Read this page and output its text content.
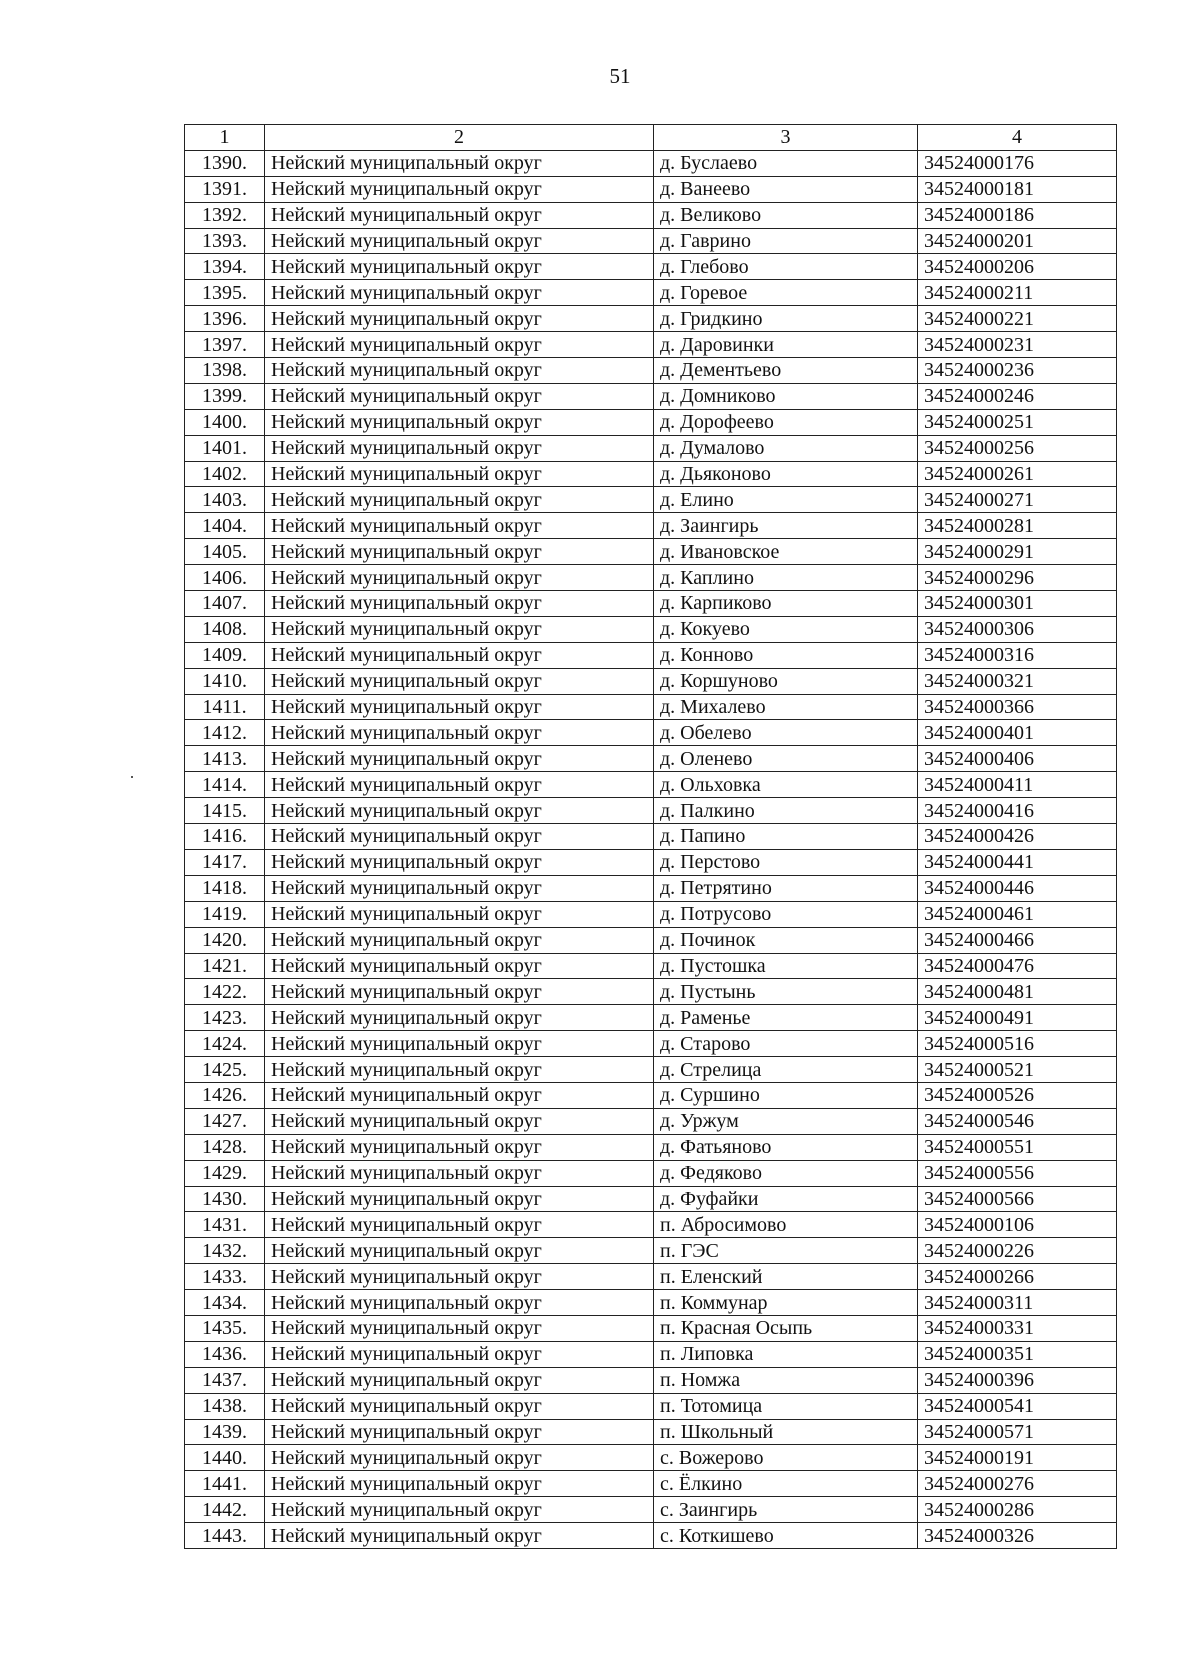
51
1	2	3	4
1390.	Нейский муниципальный округ	д. Буслаево	34524000176
1391.	Нейский муниципальный округ	д. Ванеево	34524000181
1392.	Нейский муниципальный округ	д. Великово	34524000186
1393.	Нейский муниципальный округ	д. Гаврино	34524000201
1394.	Нейский муниципальный округ	д. Глебово	34524000206
1395.	Нейский муниципальный округ	д. Горевое	34524000211
1396.	Нейский муниципальный округ	д. Гридкино	34524000221
1397.	Нейский муниципальный округ	д. Даровинки	34524000231
1398.	Нейский муниципальный округ	д. Дементьево	34524000236
1399.	Нейский муниципальный округ	д. Домниково	34524000246
1400.	Нейский муниципальный округ	д. Дорофеево	34524000251
1401.	Нейский муниципальный округ	д. Думалово	34524000256
1402.	Нейский муниципальный округ	д. Дьяконово	34524000261
1403.	Нейский муниципальный округ	д. Елино	34524000271
1404.	Нейский муниципальный округ	д. Заингирь	34524000281
1405.	Нейский муниципальный округ	д. Ивановское	34524000291
1406.	Нейский муниципальный округ	д. Каплино	34524000296
1407.	Нейский муниципальный округ	д. Карпиково	34524000301
1408.	Нейский муниципальный округ	д. Кокуево	34524000306
1409.	Нейский муниципальный округ	д. Конново	34524000316
1410.	Нейский муниципальный округ	д. Коршуново	34524000321
1411.	Нейский муниципальный округ	д. Михалево	34524000366
1412.	Нейский муниципальный округ	д. Обелево	34524000401
1413.	Нейский муниципальный округ	д. Оленево	34524000406
1414.	Нейский муниципальный округ	д. Ольховка	34524000411
1415.	Нейский муниципальный округ	д. Палкино	34524000416
1416.	Нейский муниципальный округ	д. Папино	34524000426
1417.	Нейский муниципальный округ	д. Перстово	34524000441
1418.	Нейский муниципальный округ	д. Петрятино	34524000446
1419.	Нейский муниципальный округ	д. Потрусово	34524000461
1420.	Нейский муниципальный округ	д. Починок	34524000466
1421.	Нейский муниципальный округ	д. Пустошка	34524000476
1422.	Нейский муниципальный округ	д. Пустынь	34524000481
1423.	Нейский муниципальный округ	д. Раменье	34524000491
1424.	Нейский муниципальный округ	д. Старово	34524000516
1425.	Нейский муниципальный округ	д. Стрелица	34524000521
1426.	Нейский муниципальный округ	д. Суршино	34524000526
1427.	Нейский муниципальный округ	д. Уржум	34524000546
1428.	Нейский муниципальный округ	д. Фатьяново	34524000551
1429.	Нейский муниципальный округ	д. Федяково	34524000556
1430.	Нейский муниципальный округ	д. Фуфайки	34524000566
1431.	Нейский муниципальный округ	п. Абросимово	34524000106
1432.	Нейский муниципальный округ	п. ГЭС	34524000226
1433.	Нейский муниципальный округ	п. Еленский	34524000266
1434.	Нейский муниципальный округ	п. Коммунар	34524000311
1435.	Нейский муниципальный округ	п. Красная Осыпь	34524000331
1436.	Нейский муниципальный округ	п. Липовка	34524000351
1437.	Нейский муниципальный округ	п. Номжа	34524000396
1438.	Нейский муниципальный округ	п. Тотомица	34524000541
1439.	Нейский муниципальный округ	п. Школьный	34524000571
1440.	Нейский муниципальный округ	с. Вожерово	34524000191
1441.	Нейский муниципальный округ	с. Ёлкино	34524000276
1442.	Нейский муниципальный округ	с. Заингирь	34524000286
1443.	Нейский муниципальный округ	с. Коткишево	34524000326
